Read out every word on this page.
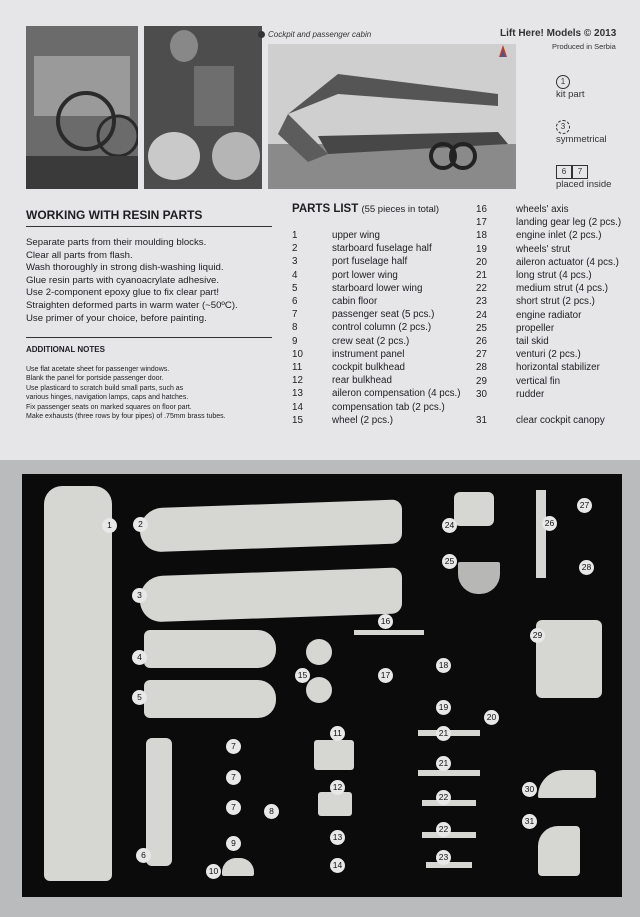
Cockpit and passenger cabin	Lift Here! Models © 2013
Produced in Serbia
1
kit part
3
symmetrical
6 7
placed inside
WORKING WITH RESIN PARTS
Separate parts from their moulding blocks.
Clear all parts from flash.
Wash thoroughly in strong dish-washing liquid.
Glue resin parts with cyanoacrylate adhesive.
Use 2-component epoxy glue to fix clear part!
Straighten deformed parts in warm water (~50ºC).
Use primer of your choice, before painting.
ADDITIONAL NOTES
Use flat acetate sheet for passenger windows.
Blank the panel for portside passenger door.
Use plasticard to scratch build small parts, such as
various hinges, navigation lamps, caps and hatches.
Fix passenger seats on marked squares on floor part.
Make exhausts (three rows by four pipes) of .75mm brass tubes.
PARTS LIST (55 pieces in total)
1	upper wing
2	starboard fuselage half
3	port fuselage half
4	port lower wing
5	starboard lower wing
6	cabin floor
7	passenger seat (5 pcs.)
8	control column (2 pcs.)
9	crew seat (2 pcs.)
10	instrument panel
11	cockpit bulkhead
12	rear bulkhead
13	aileron compensation (4 pcs.)
14	compensation tab (2 pcs.)
15	wheel (2 pcs.)
16	wheels' axis
17	landing gear leg (2 pcs.)
18	engine inlet (2 pcs.)
19	wheels' strut
20	aileron actuator (4 pcs.)
21	long strut (4 pcs.)
22	medium strut (4 pcs.)
23	short strut (2 pcs.)
24	engine radiator
25	propeller
26	tail skid
27	venturi (2 pcs.)
28	horizontal stabilizer
29	vertical fin
30	rudder
31	clear cockpit canopy
1	2
3
4
5
6
7
7
7	8
9
10
11
12
13
14
15
16
17
18
19
20
21
21
22
22
23
24
25
26
27
28
29
30
31
